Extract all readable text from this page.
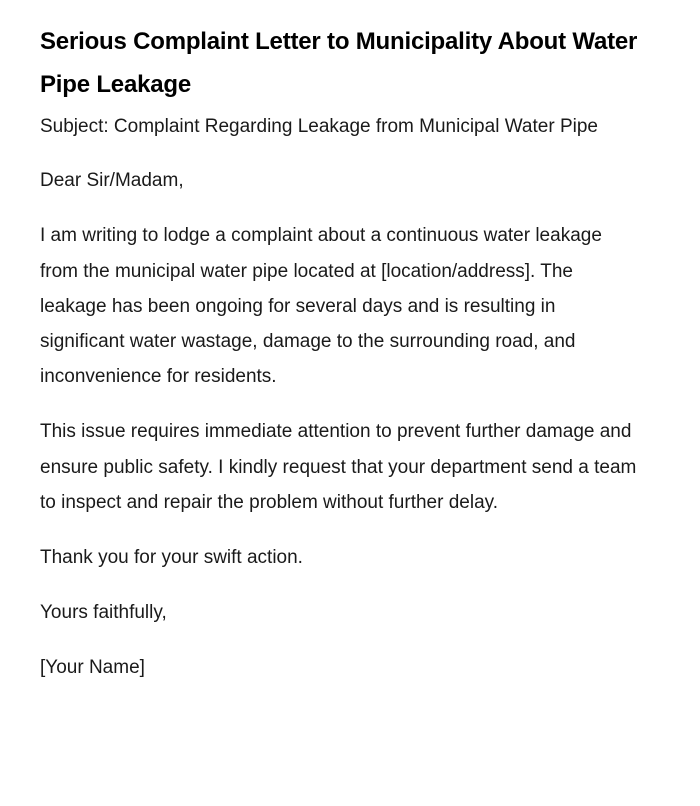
Serious Complaint Letter to Municipality About Water Pipe Leakage

Subject: Complaint Regarding Leakage from Municipal Water Pipe

Dear Sir/Madam,

I am writing to lodge a complaint about a continuous water leakage from the municipal water pipe located at [location/address]. The leakage has been ongoing for several days and is resulting in significant water wastage, damage to the surrounding road, and inconvenience for residents.

This issue requires immediate attention to prevent further damage and ensure public safety. I kindly request that your department send a team to inspect and repair the problem without further delay.

Thank you for your swift action.

Yours faithfully,

[Your Name]
